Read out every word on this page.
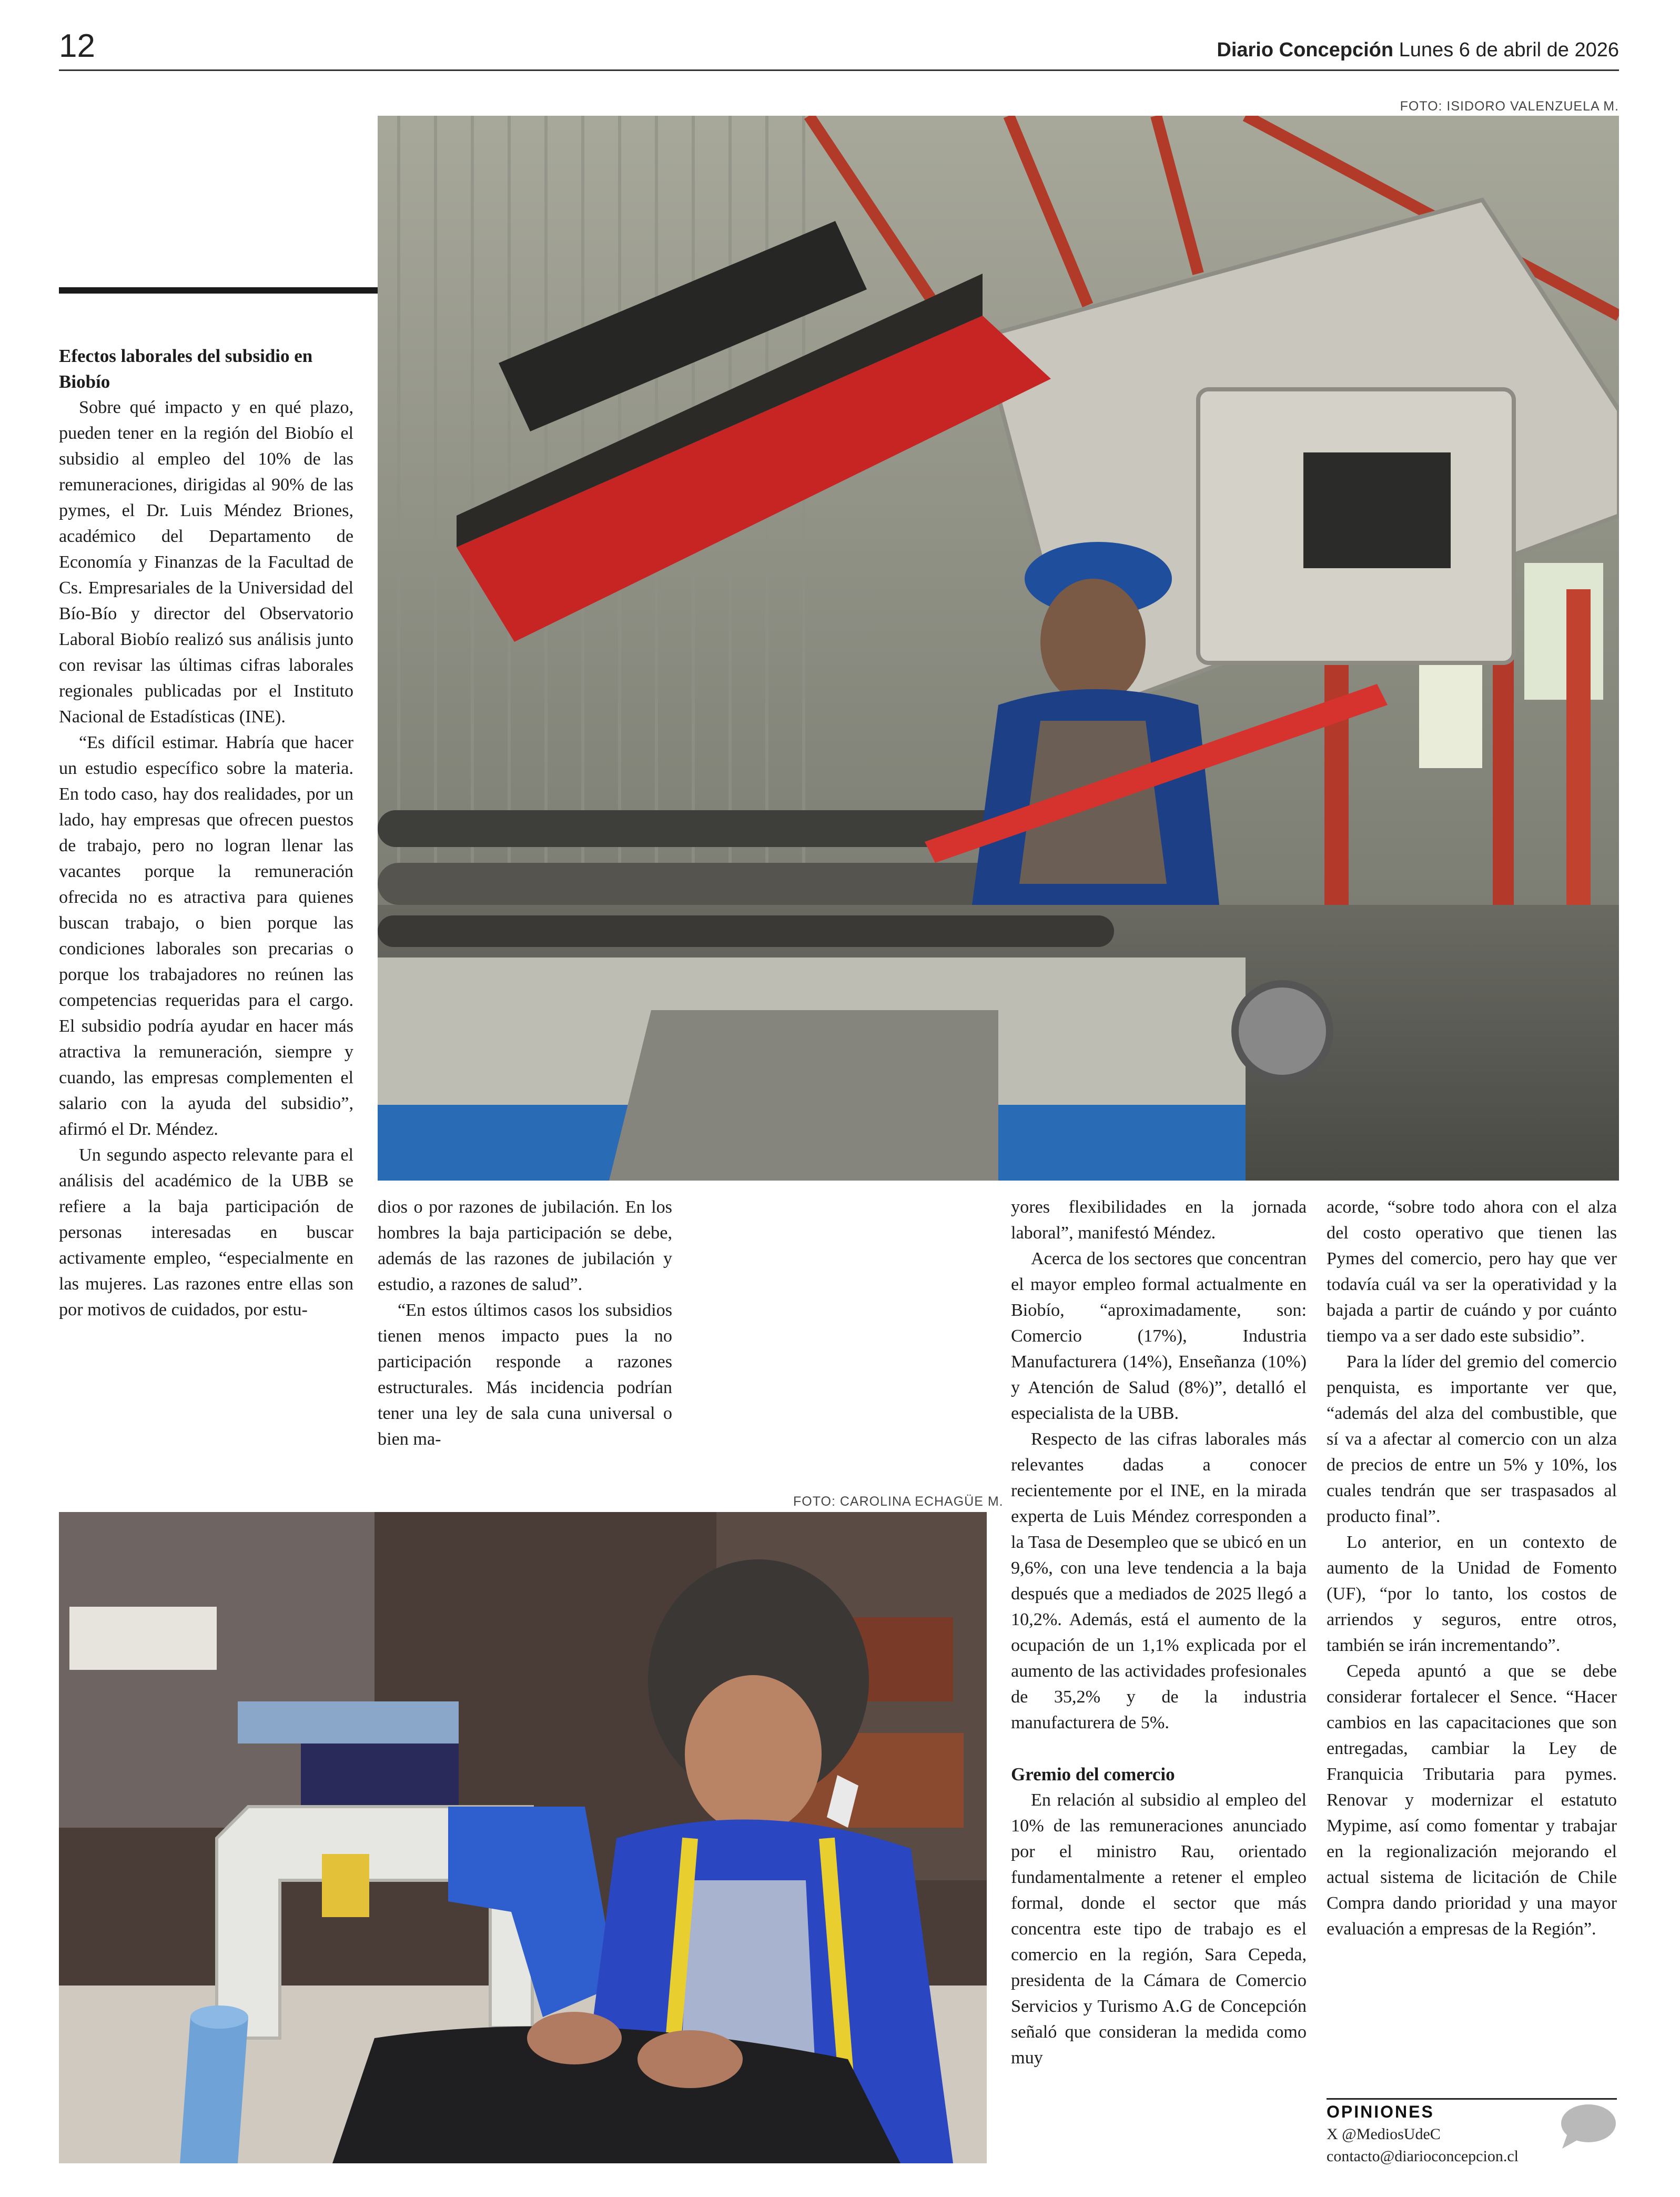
12	Diario Concepción Lunes 6 de abril de 2026
FOTO: ISIDORO VALENZUELA M.
Efectos laborales del subsidio en Biobío

Sobre qué impacto y en qué plazo, pueden tener en la región del Biobío el subsidio al empleo del 10% de las remuneraciones, dirigidas al 90% de las pymes, el Dr. Luis Méndez Briones, académico del Departamento de Economía y Finanzas de la Facultad de Cs. Empresariales de la Universidad del Bío-Bío y director del Observatorio Laboral Biobío realizó sus análisis junto con revisar las últimas cifras laborales regionales publicadas por el Instituto Nacional de Estadísticas (INE).

“Es difícil estimar. Habría que hacer un estudio específico sobre la materia. En todo caso, hay dos realidades, por un lado, hay empresas que ofrecen puestos de trabajo, pero no logran llenar las vacantes porque la remuneración ofrecida no es atractiva para quienes buscan trabajo, o bien porque las condiciones laborales son precarias o porque los trabajadores no reúnen las competencias requeridas para el cargo. El subsidio podría ayudar en hacer más atractiva la remuneración, siempre y cuando, las empresas complementen el salario con la ayuda del subsidio”, afirmó el Dr. Méndez.

Un segundo aspecto relevante para el análisis del académico de la UBB se refiere a la baja participación de personas interesadas en buscar activamente empleo, “especialmente en las mujeres. Las razones entre ellas son por motivos de cuidados, por estu-

dios o por razones de jubilación. En los hombres la baja participación se debe, además de las razones de jubilación y estudio, a razones de salud”.

“En estos últimos casos los subsidios tienen menos impacto pues la no participación responde a razones estructurales. Más incidencia podrían tener una ley de sala cuna universal o bien ma-

FOTO: CAROLINA ECHAGÜE M.

yores flexibilidades en la jornada laboral”, manifestó Méndez.

Acerca de los sectores que concentran el mayor empleo formal actualmente en Biobío, “aproximadamente, son: Comercio (17%), Industria Manufacturera (14%), Enseñanza (10%) y Atención de Salud (8%)”, detalló el especialista de la UBB.

Respecto de las cifras laborales más relevantes dadas a conocer recientemente por el INE, en la mirada experta de Luis Méndez corresponden a la Tasa de Desempleo que se ubicó en un 9,6%, con una leve tendencia a la baja después que a mediados de 2025 llegó a 10,2%. Además, está el aumento de la ocupación de un 1,1% explicada por el aumento de las actividades profesionales de 35,2% y de la industria manufacturera de 5%.

Gremio del comercio

En relación al subsidio al empleo del 10% de las remuneraciones anunciado por el ministro Rau, orientado fundamentalmente a retener el empleo formal, donde el sector que más concentra este tipo de trabajo es el comercio en la región, Sara Cepeda, presidenta de la Cámara de Comercio Servicios y Turismo A.G de Concepción señaló que consideran la medida como muy

acorde, “sobre todo ahora con el alza del costo operativo que tienen las Pymes del comercio, pero hay que ver todavía cuál va ser la operatividad y la bajada a partir de cuándo y por cuánto tiempo va a ser dado este subsidio”.

Para la líder del gremio del comercio penquista, es importante ver que, “además del alza del combustible, que sí va a afectar al comercio con un alza de precios de entre un 5% y 10%, los cuales tendrán que ser traspasados al producto final”.

Lo anterior, en un contexto de aumento de la Unidad de Fomento (UF), “por lo tanto, los costos de arriendos y seguros, entre otros, también se irán incrementando”.

Cepeda apuntó a que se debe considerar fortalecer el Sence. “Hacer cambios en las capacitaciones que son entregadas, cambiar la Ley de Franquicia Tributaria para pymes. Renovar y modernizar el estatuto Mypime, así como fomentar y trabajar en la regionalización mejorando el actual sistema de licitación de Chile Compra dando prioridad y una mayor evaluación a empresas de la Región”.

OPINIONES
X @MediosUdeC
contacto@diarioconcepcion.cl
